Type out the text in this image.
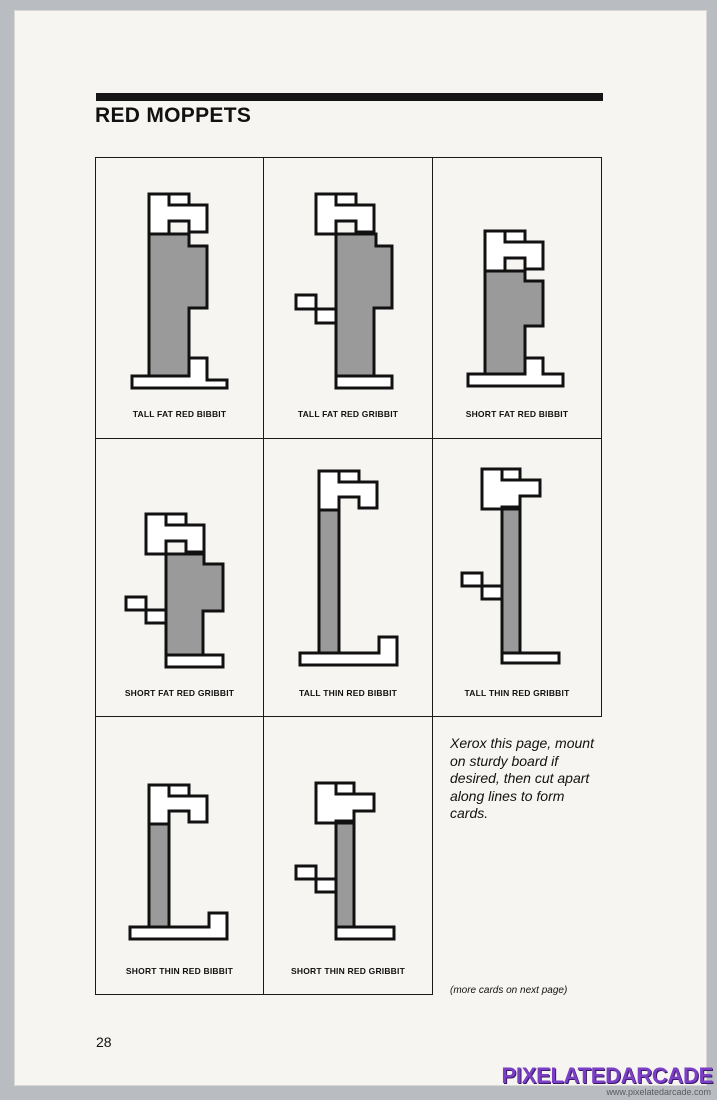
RED MOPPETS
TALL FAT RED BIBBIT	TALL FAT RED GRIBBIT	SHORT FAT RED BIBBIT
SHORT FAT RED GRIBBIT	TALL THIN RED BIBBIT	TALL THIN RED GRIBBIT
SHORT THIN RED BIBBIT	SHORT THIN RED GRIBBIT
Xerox this page, mount on sturdy board if desired, then cut apart along lines to form cards.
(more cards on next page)
28
PIXELATEDARCADE
www.pixelatedarcade.com
